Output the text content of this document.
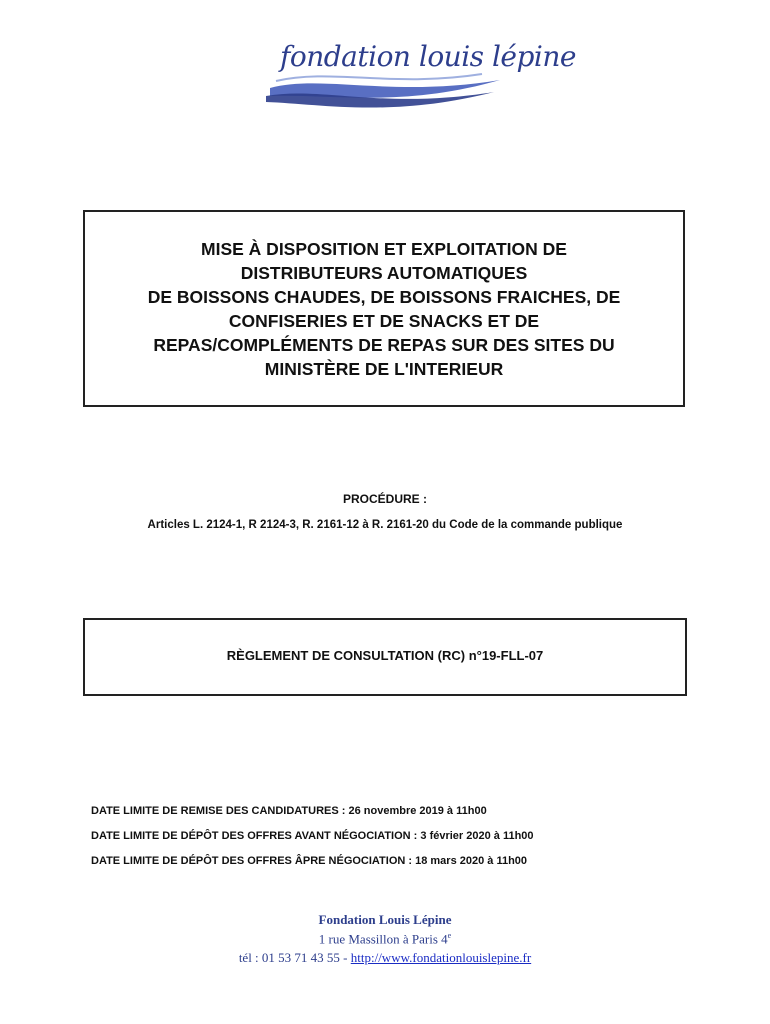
fondation louis lépine
MISE À DISPOSITION ET EXPLOITATION DE
DISTRIBUTEURS AUTOMATIQUES
DE BOISSONS CHAUDES, DE BOISSONS FRAICHES, DE
CONFISERIES ET DE SNACKS ET DE
REPAS/COMPLÉMENTS DE REPAS SUR DES SITES DU
MINISTÈRE DE L'INTERIEUR
PROCÉDURE :
Articles L. 2124-1, R 2124-3, R. 2161-12 à R. 2161-20 du Code de la commande publique
RÈGLEMENT DE CONSULTATION (RC) n°19-FLL-07
DATE LIMITE DE REMISE DES CANDIDATURES : 26 novembre 2019 à 11h00
DATE LIMITE DE DÉPÔT DES OFFRES AVANT NÉGOCIATION : 3 février 2020 à 11h00
DATE LIMITE DE DÉPÔT DES OFFRES ÂPRE NÉGOCIATION : 18 mars 2020 à 11h00
Fondation Louis Lépine
1 rue Massillon à Paris 4e
tél : 01 53 71 43 55 - http://www.fondationlouislepine.fr
